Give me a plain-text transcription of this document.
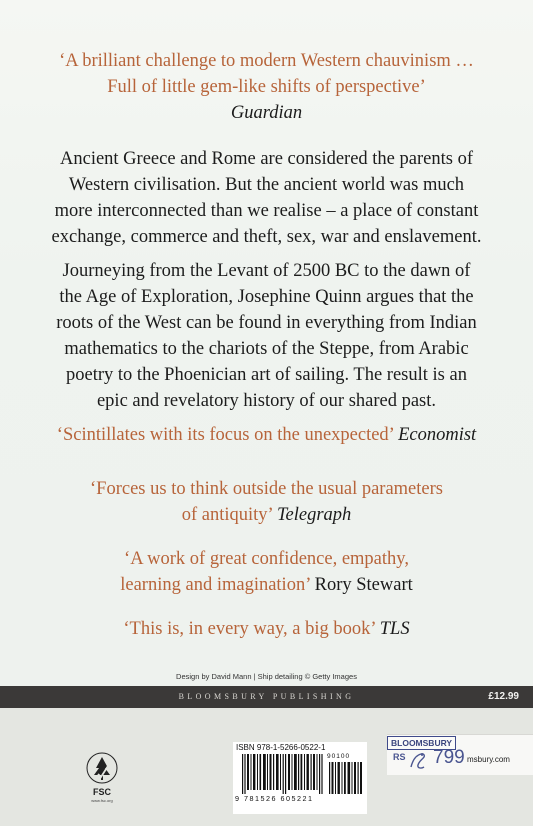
‘A brilliant challenge to modern Western chauvinism …
Full of little gem-like shifts of perspective’
Guardian
Ancient Greece and Rome are considered the parents of
Western civilisation. But the ancient world was much
more interconnected than we realise – a place of constant
exchange, commerce and theft, sex, war and enslavement.
Journeying from the Levant of 2500 BC to the dawn of
the Age of Exploration, Josephine Quinn argues that the
roots of the West can be found in everything from Indian
mathematics to the chariots of the Steppe, from Arabic
poetry to the Phoenician art of sailing. The result is an
epic and revelatory history of our shared past.
‘Scintillates with its focus on the unexpected’ Economist
‘Forces us to think outside the usual parameters
of antiquity’ Telegraph
‘A work of great confidence, empathy,
learning and imagination’ Rory Stewart
‘This is, in every way, a big book’ TLS
Design by David Mann | Ship detailing © Getty Images
BLOOMSBURY PUBLISHING	£12.99
FSC
www.fsc.org
ISBN 978-1-5266-0522-1
90100
9 781526 605221
BLOOMSBURY
RS 799 msbury.com
